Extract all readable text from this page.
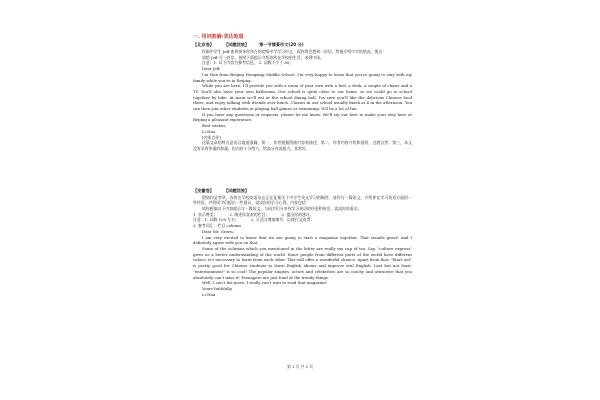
一. 用词准确·表达地道
【北京卷】 【试题回放】 第一节情景作文(20 分)

你刚中学生 Jeff 即将要来你所在的初级中学学习中文，现你将会想到一封信，给他介绍中学的情况。要点：

请给 Jeff 写一封信，按照下面提示介绍你所在学校的生活，来到中国。

注意：1. 以下内容为参考信息。 2. 词数不少于 80。

Dear Jeff,

I'm Hua from Beijing Hongxing Middle School. I'm very happy to learn that you're going to stay with my family while you're in Beijing.

While you are here, I'll provide you with a room of your own with a bed, a desk, a couple of chairs and a TV. You'll also have your own bathroom. Our school is quite close to our home, so we could go to school together by bike. At noon we'll eat at the school dining hall. I'm sure you'll like the delicious Chinese food there, and enjoy talking with friends over lunch. Classes in our school usually finish at 4 in the afternoon. You can then join other students in playing ball games or swimming. It'll be a lot of fun.

If you have any questions or requests, please let me know. We'll try our best to make your stay here at Beijing a pleasant experience.

Best wishes,

Li Hua

[名师点评]

这篇文章的特点是语言地道准确，第一，作者根据图画内容来描述，第二，作者内容介绍和说明，过渡自然；第三，本文没有采用华丽的辞藻，但内容十分给力，给高分有说服力，非常好。

【安徽卷】 【试题回放】

假如你是李华，你所在学校英语杂志正在征集关于中学生英文学习的稿件，请你写一篇短文，介绍你在学习英语方面的一些经验，并给同学们提出一些建议，谈谈你的学习心得。内容包括：

请你根据以下内容提示写一篇短文，与同学们分享你学习英语的经验和体会，谈谈你的看法。

1. 表示赞美；	2. 阐述你喜欢的栏目；	3. 提出你的建议。
注意：1. 词数 100 左右；	2. 可适当增加细节，以使行文连贯；
3. 参考词汇：栏目 column

Dear Mr. Green,

I am very excited to know that we are going to start a magazine together. That sounds great! And I definitely agree with you on that.

Some of the columns which you mentioned in the letter are really my cup of tea. Say, "culture express" gives us a better understanding of the world. Since people from different parts of the world have different values, it's necessary to learn from each other. This will offer a wonderful chance. Apart from that, "blurt out" is pretty good for Chinese students to learn English idioms and improve oral English. Last but not least, "entertainment" is so cool! The popular singers, actors and celebrities are so catchy and attractive that you absolutely can't miss it! Teenagers are just fond of the trendy things.

Well, I can't list more. I really can't wait to read that magazine!

Yours faithfully,

Li Hua

第 1 页 共 2 页
